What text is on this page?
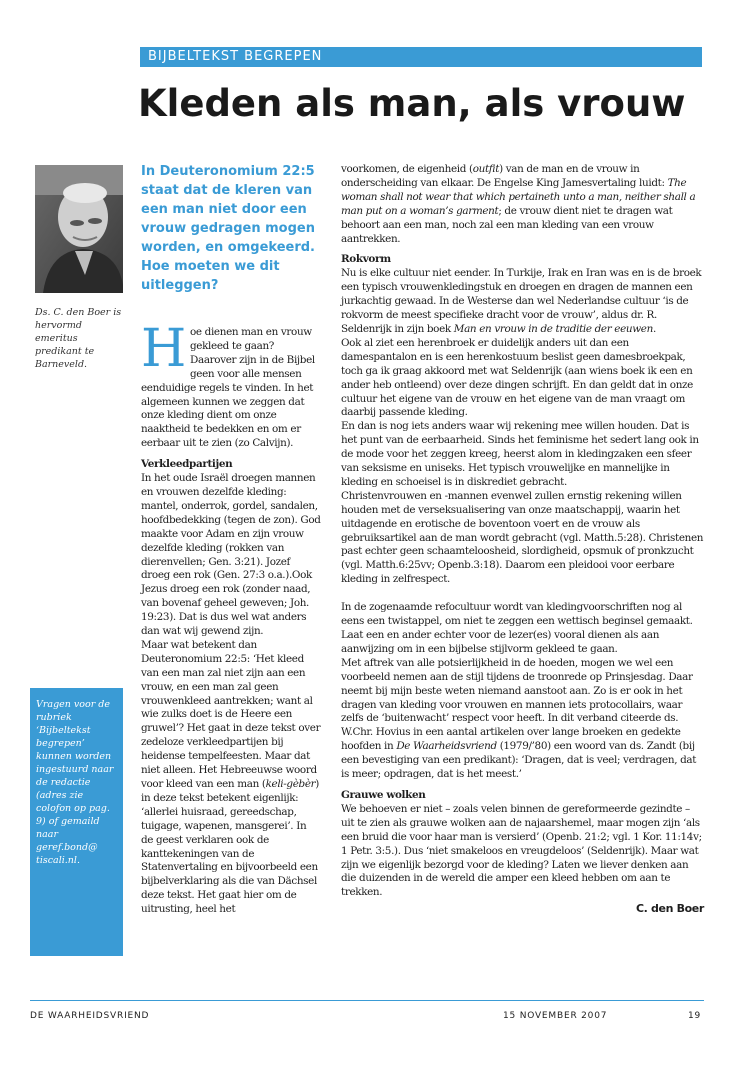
BIJBELTEKST BEGREPEN
Kleden als man, als vrouw
Ds. C. den Boer is hervormd emeritus predikant te Barneveld.
Vragen voor de rubriek ‘Bijbeltekst begrepen’ kunnen worden ingestuurd naar de redactie (adres zie colofon op pag. 9) of gemaild naar geref.bond@ tiscali.nl.
In Deuteronomium 22:5 staat dat de kleren van een man niet door een vrouw gedragen mogen worden, en omgekeerd. Hoe moeten we dit uitleggen?

Hoe dienen man en vrouw gekleed te gaan? Daarover zijn in de Bijbel geen voor alle mensen eenduidige regels te vinden. In het algemeen kunnen we zeggen dat onze kleding dient om onze naaktheid te bedekken en om er eerbaar uit te zien (zo Calvijn).

Verkleedpartijen

In het oude Israël droegen mannen en vrouwen dezelfde kleding: mantel, onderrok, gordel, sandalen, hoofdbedekking (tegen de zon). God maakte voor Adam en zijn vrouw dezelfde kleding (rokken van dierenvellen; Gen. 3:21). Jozef droeg een rok (Gen. 27:3 o.a.).Ook Jezus droeg een rok (zonder naad, van bovenaf geheel geweven; Joh. 19:23). Dat is dus wel wat anders dan wat wij gewend zijn.

Maar wat betekent dan Deuteronomium 22:5: ‘Het kleed van een man zal niet zijn aan een vrouw, en een man zal geen vrouwenkleed aantrekken; want al wie zulks doet is de Heere een gruwel’? Het gaat in deze tekst over zedeloze verkleedpartijen bij heidense tempelfeesten. Maar dat niet alleen. Het Hebreeuwse woord voor kleed van een man (keli-gèbèr) in deze tekst betekent eigenlijk: ‘allerlei huisraad, gereedschap, tuigage, wapenen, mansgerei’. In de geest verklaren ook de kanttekeningen van de Statenvertaling en bijvoorbeeld een bijbelverklaring als die van Dächsel deze tekst. Het gaat hier om de uitrusting, heel het

voorkomen, de eigenheid (outfit) van de man en de vrouw in onderscheiding van elkaar. De Engelse King Jamesvertaling luidt: The woman shall not wear that which pertaineth unto a man, neither shall a man put on a woman’s garment; de vrouw dient niet te dragen wat behoort aan een man, noch zal een man kleding van een vrouw aantrekken.

Rokvorm

Nu is elke cultuur niet eender. In Turkije, Irak en Iran was en is de broek een typisch vrouwenkledingstuk en droegen en dragen de mannen een jurkachtig gewaad. In de Westerse dan wel Nederlandse cultuur ‘is de rokvorm de meest specifieke dracht voor de vrouw’, aldus dr. R. Seldenrijk in zijn boek Man en vrouw in de traditie der eeuwen.

Ook al ziet een herenbroek er duidelijk anders uit dan een damespantalon en is een herenkostuum beslist geen damesbroekpak, toch ga ik graag akkoord met wat Seldenrijk (aan wiens boek ik een en ander heb ontleend) over deze dingen schrijft. En dan geldt dat in onze cultuur het eigene van de vrouw en het eigene van de man vraagt om daarbij passende kleding.

En dan is nog iets anders waar wij rekening mee willen houden. Dat is het punt van de eerbaarheid. Sinds het feminisme het sedert lang ook in de mode voor het zeggen kreeg, heerst alom in kledingzaken een sfeer van seksisme en uniseks. Het typisch vrouwelijke en mannelijke in kleding en schoeisel is in diskrediet gebracht.

Christenvrouwen en -mannen evenwel zullen ernstig rekening willen houden met de verseksualisering van onze maatschappij, waarin het uitdagende en erotische de boventoon voert en de vrouw als gebruiksartikel aan de man wordt gebracht (vgl. Matth.5:28). Christenen past echter geen schaamteloosheid, slordigheid, opsmuk of pronkzucht (vgl. Matth.6:25vv; Openb.3:18). Daarom een pleidooi voor eerbare kleding in zelfrespect.

In de zogenaamde refocultuur wordt van kledingvoorschriften nog al eens een twistappel, om niet te zeggen een wettisch beginsel gemaakt. Laat een en ander echter voor de lezer(es) vooral dienen als aan aanwijzing om in een bijbelse stijlvorm gekleed te gaan.

Met aftrek van alle potsierlijkheid in de hoeden, mogen we wel een voorbeeld nemen aan de stijl tijdens de troonrede op Prinsjesdag. Daar neemt bij mijn beste weten niemand aanstoot aan. Zo is er ook in het dragen van kleding voor vrouwen en mannen iets protocollairs, waar zelfs de ‘buitenwacht’ respect voor heeft. In dit verband citeerde ds. W.Chr. Hovius in een aantal artikelen over lange broeken en gedekte hoofden in De Waarheidsvriend (1979/’80) een woord van ds. Zandt (bij een bevestiging van een predikant): ‘Dragen, dat is veel; verdragen, dat is meer; opdragen, dat is het meest.’

Grauwe wolken

We behoeven er niet – zoals velen binnen de gereformeerde gezindte – uit te zien als grauwe wolken aan de najaarshemel, maar mogen zijn ‘als een bruid die voor haar man is versierd’ (Openb. 21:2; vgl. 1 Kor. 11:14v; 1 Petr. 3:5.). Dus ‘niet smakeloos en vreugdeloos’ (Seldenrijk). Maar wat zijn we eigenlijk bezorgd voor de kleding? Laten we liever denken aan die duizenden in de wereld die amper een kleed hebben om aan te trekken.

C. den Boer

DE WAARHEIDSVRIEND	15 NOVEMBER 2007	19
